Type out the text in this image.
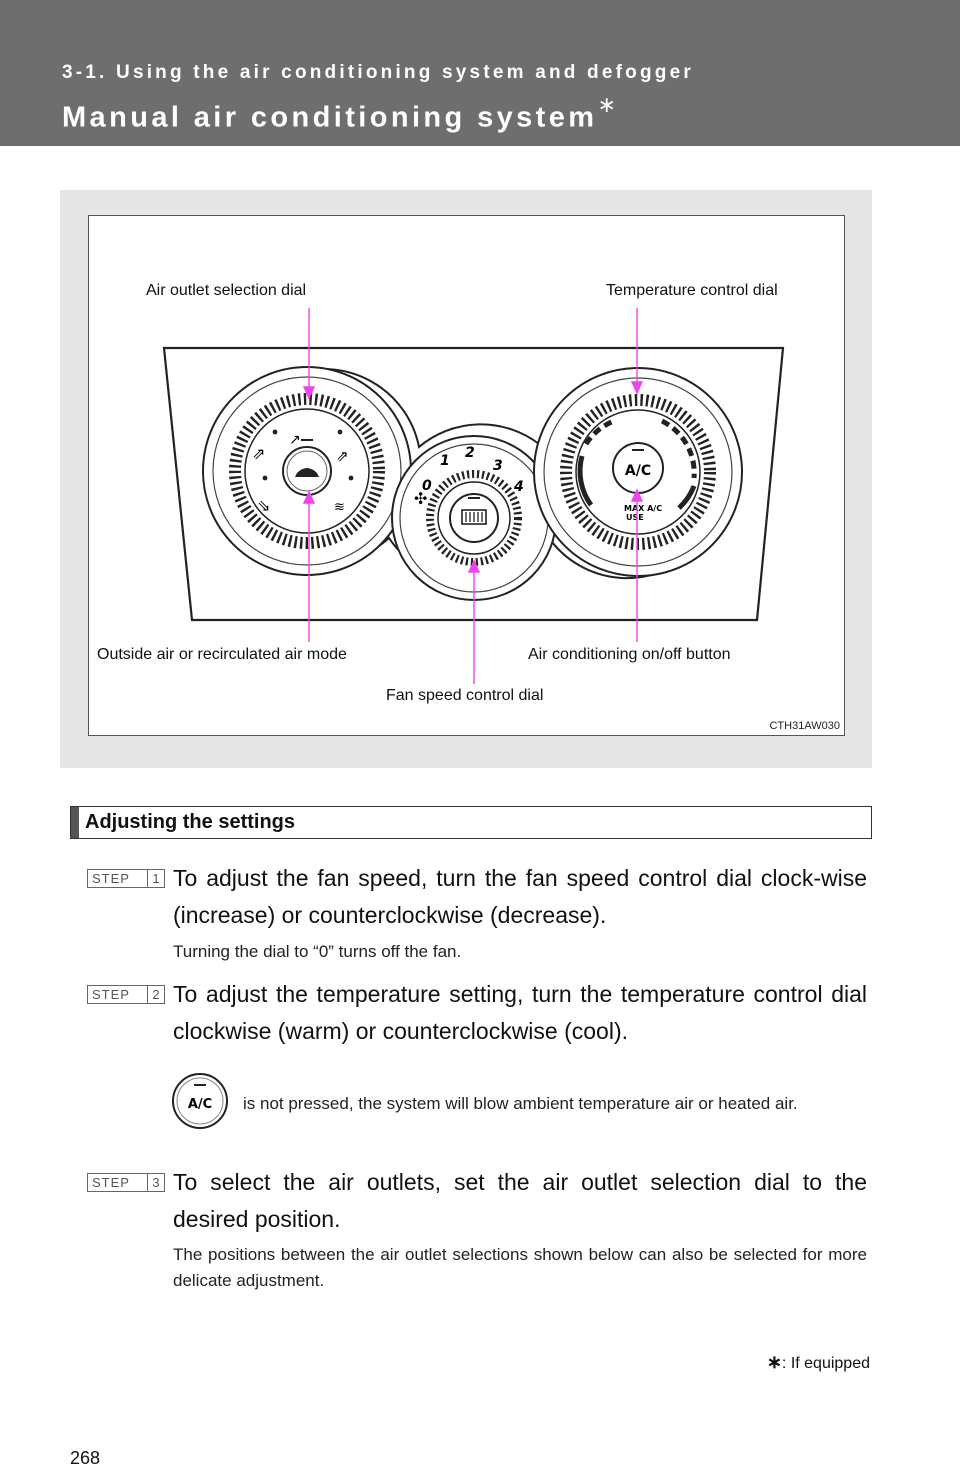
3-1. Using the air conditioning system and defogger
Manual air conditioning system∗
↗
⇗
⇘
⇗
≋	✣
0
1 2
3
4
A/C
MAX A/C
USE
Air outlet selection dial	Temperature control dial
Outside air or recirculated air mode	Air conditioning on/off button
Fan speed control dial
CTH31AW030
Adjusting the settings
STEP	1 To adjust the fan speed, turn the fan speed control dial clock-wise (increase) or counterclockwise (decrease).
Turning the dial to “0” turns off the fan.
STEP	2 To adjust the temperature setting, turn the temperature control dial clockwise (warm) or counterclockwise (cool).
A/C	is not pressed, the system will blow ambient temperature air or heated air.
STEP	3 To select the air outlets, set the air outlet selection dial to the desired position.
The positions between the air outlet selections shown below can also be selected for more delicate adjustment.
∗: If equipped
268
